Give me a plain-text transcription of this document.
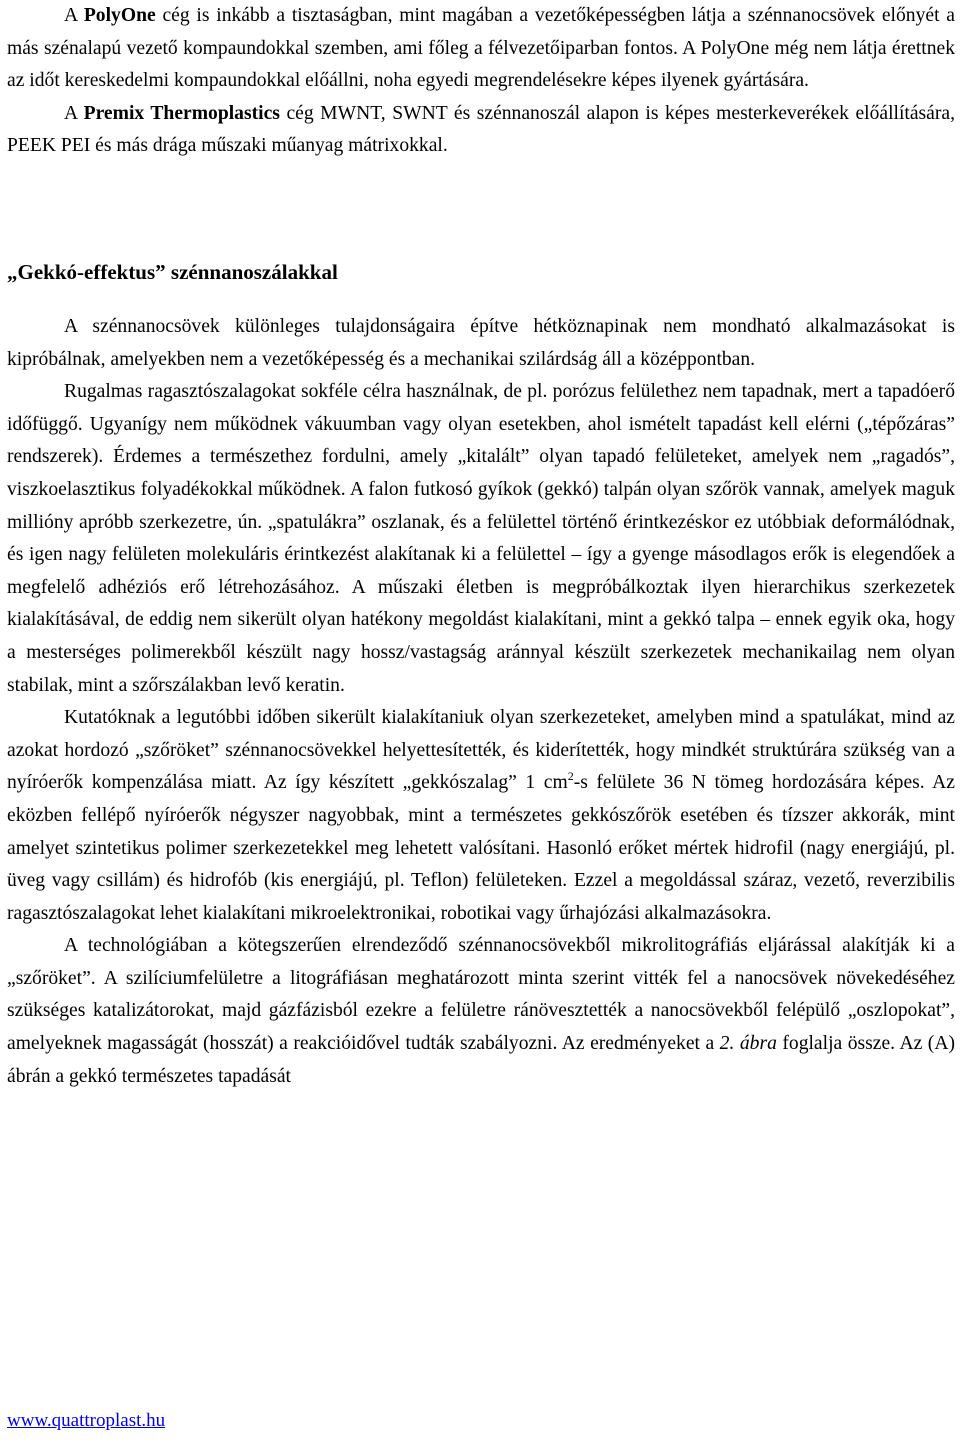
A PolyOne cég is inkább a tisztaságban, mint magában a vezetőképességben látja a szénnanocsövek előnyét a más szénalapú vezető kompaundokkal szemben, ami főleg a félvezetőiparban fontos. A PolyOne még nem látja érettnek az időt kereskedelmi kompaundokkal előállni, noha egyedi megrendelésekre képes ilyenek gyártására.

A Premix Thermoplastics cég MWNT, SWNT és szénnanoszál alapon is képes mesterkeverékek előállítására, PEEK PEI és más drága műszaki műanyag mátrixokkal.

„Gekkó-effektus” szénnanoszálakkal

A szénnanocsövek különleges tulajdonságaira építve hétköznapinak nem mondható alkalmazásokat is kipróbálnak, amelyekben nem a vezetőképesség és a mechanikai szilárdság áll a középpontban.

Rugalmas ragasztószalagokat sokféle célra használnak, de pl. porózus felülethez nem tapadnak, mert a tapadóerő időfüggő. Ugyanígy nem működnek vákuumban vagy olyan esetekben, ahol ismételt tapadást kell elérni („tépőzáras” rendszerek). Érdemes a természethez fordulni, amely „kitalált” olyan tapadó felületeket, amelyek nem „ragadós”, viszkoelasztikus folyadékokkal működnek. A falon futkosó gyíkok (gekkó) talpán olyan szőrök vannak, amelyek maguk millióny apróbb szerkezetre, ún. „spatulákra” oszlanak, és a felülettel történő érintkezéskor ez utóbbiak deformálódnak, és igen nagy felületen molekuláris érintkezést alakítanak ki a felülettel – így a gyenge másodlagos erők is elegendőek a megfelelő adhéziós erő létrehozásához. A műszaki életben is megpróbálkoztak ilyen hierarchikus szerkezetek kialakításával, de eddig nem sikerült olyan hatékony megoldást kialakítani, mint a gekkó talpa – ennek egyik oka, hogy a mesterséges polimerekből készült nagy hossz/vastagság aránnyal készült szerkezetek mechanikailag nem olyan stabilak, mint a szőrszálakban levő keratin.

Kutatóknak a legutóbbi időben sikerült kialakítaniuk olyan szerkezeteket, amelyben mind a spatulákat, mind az azokat hordozó „szőröket” szénnanocsövekkel helyettesítették, és kiderítették, hogy mindkét struktúrára szükség van a nyíróerők kompenzálása miatt. Az így készített „gekkószalag” 1 $cm^2-s$ felülete 36 N tömeg hordozására képes. Az eközben fellépő nyíróerők négyszer nagyobbak, mint a természetes gekkószőrök esetében és tízszer akkorák, mint amelyet szintetikus polimer szerkezetekkel meg lehetett valósítani. Hasonló erőket mértek hidrofil (nagy energiájú, pl. üveg vagy csillám) és hidrofób (kis energiájú, pl. Teflon) felületeken. Ezzel a megoldással száraz, vezető, reverzibilis ragasztószalagokat lehet kialakítani mikroelektronikai, robotikai vagy űrhajózási alkalmazásokra.

A technológiában a kötegszerűen elrendeződő szénnanocsövekből mikrolitográfiás eljárással alakítják ki a „szőröket”. A szilíciumfelületre a litográfiásan meghatározott minta szerint vitték fel a nanocsövek növekedéséhez szükséges katalizátorokat, majd gázfázisból ezekre a felületre ránövesztették a nanocsövekből felépülő „oszlopokat”, amelyeknek magasságát (hosszát) a reakcióidővel tudták szabályozni. Az eredményeket a 2. ábra foglalja össze. Az (A) ábrán a gekkó természetes tapadását

www.quattroplast.hu
